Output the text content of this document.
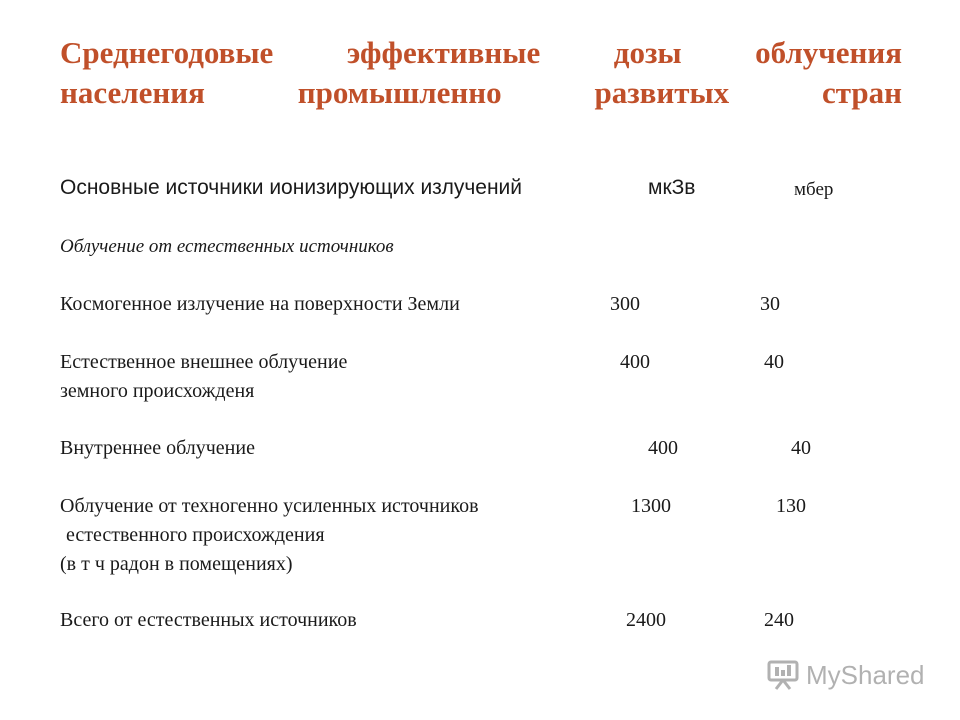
Среднегодовые эффективные дозы облучения
населения	промышленно	развитых	стран
Основные источники ионизирующих излучений	мкЗв	мбер
Облучение от естественных источников
Космогенное излучение на поверхности Земли	300	30
Естественное внешнее облучение
земного происхожденя
400	40
Внутреннее облучение	400	40
Облучение от техногенно усиленных источников
естественного происхождения
(в т ч радон в помещениях)
1300	130
Всего от естественных источников	2400	240
MyShared
